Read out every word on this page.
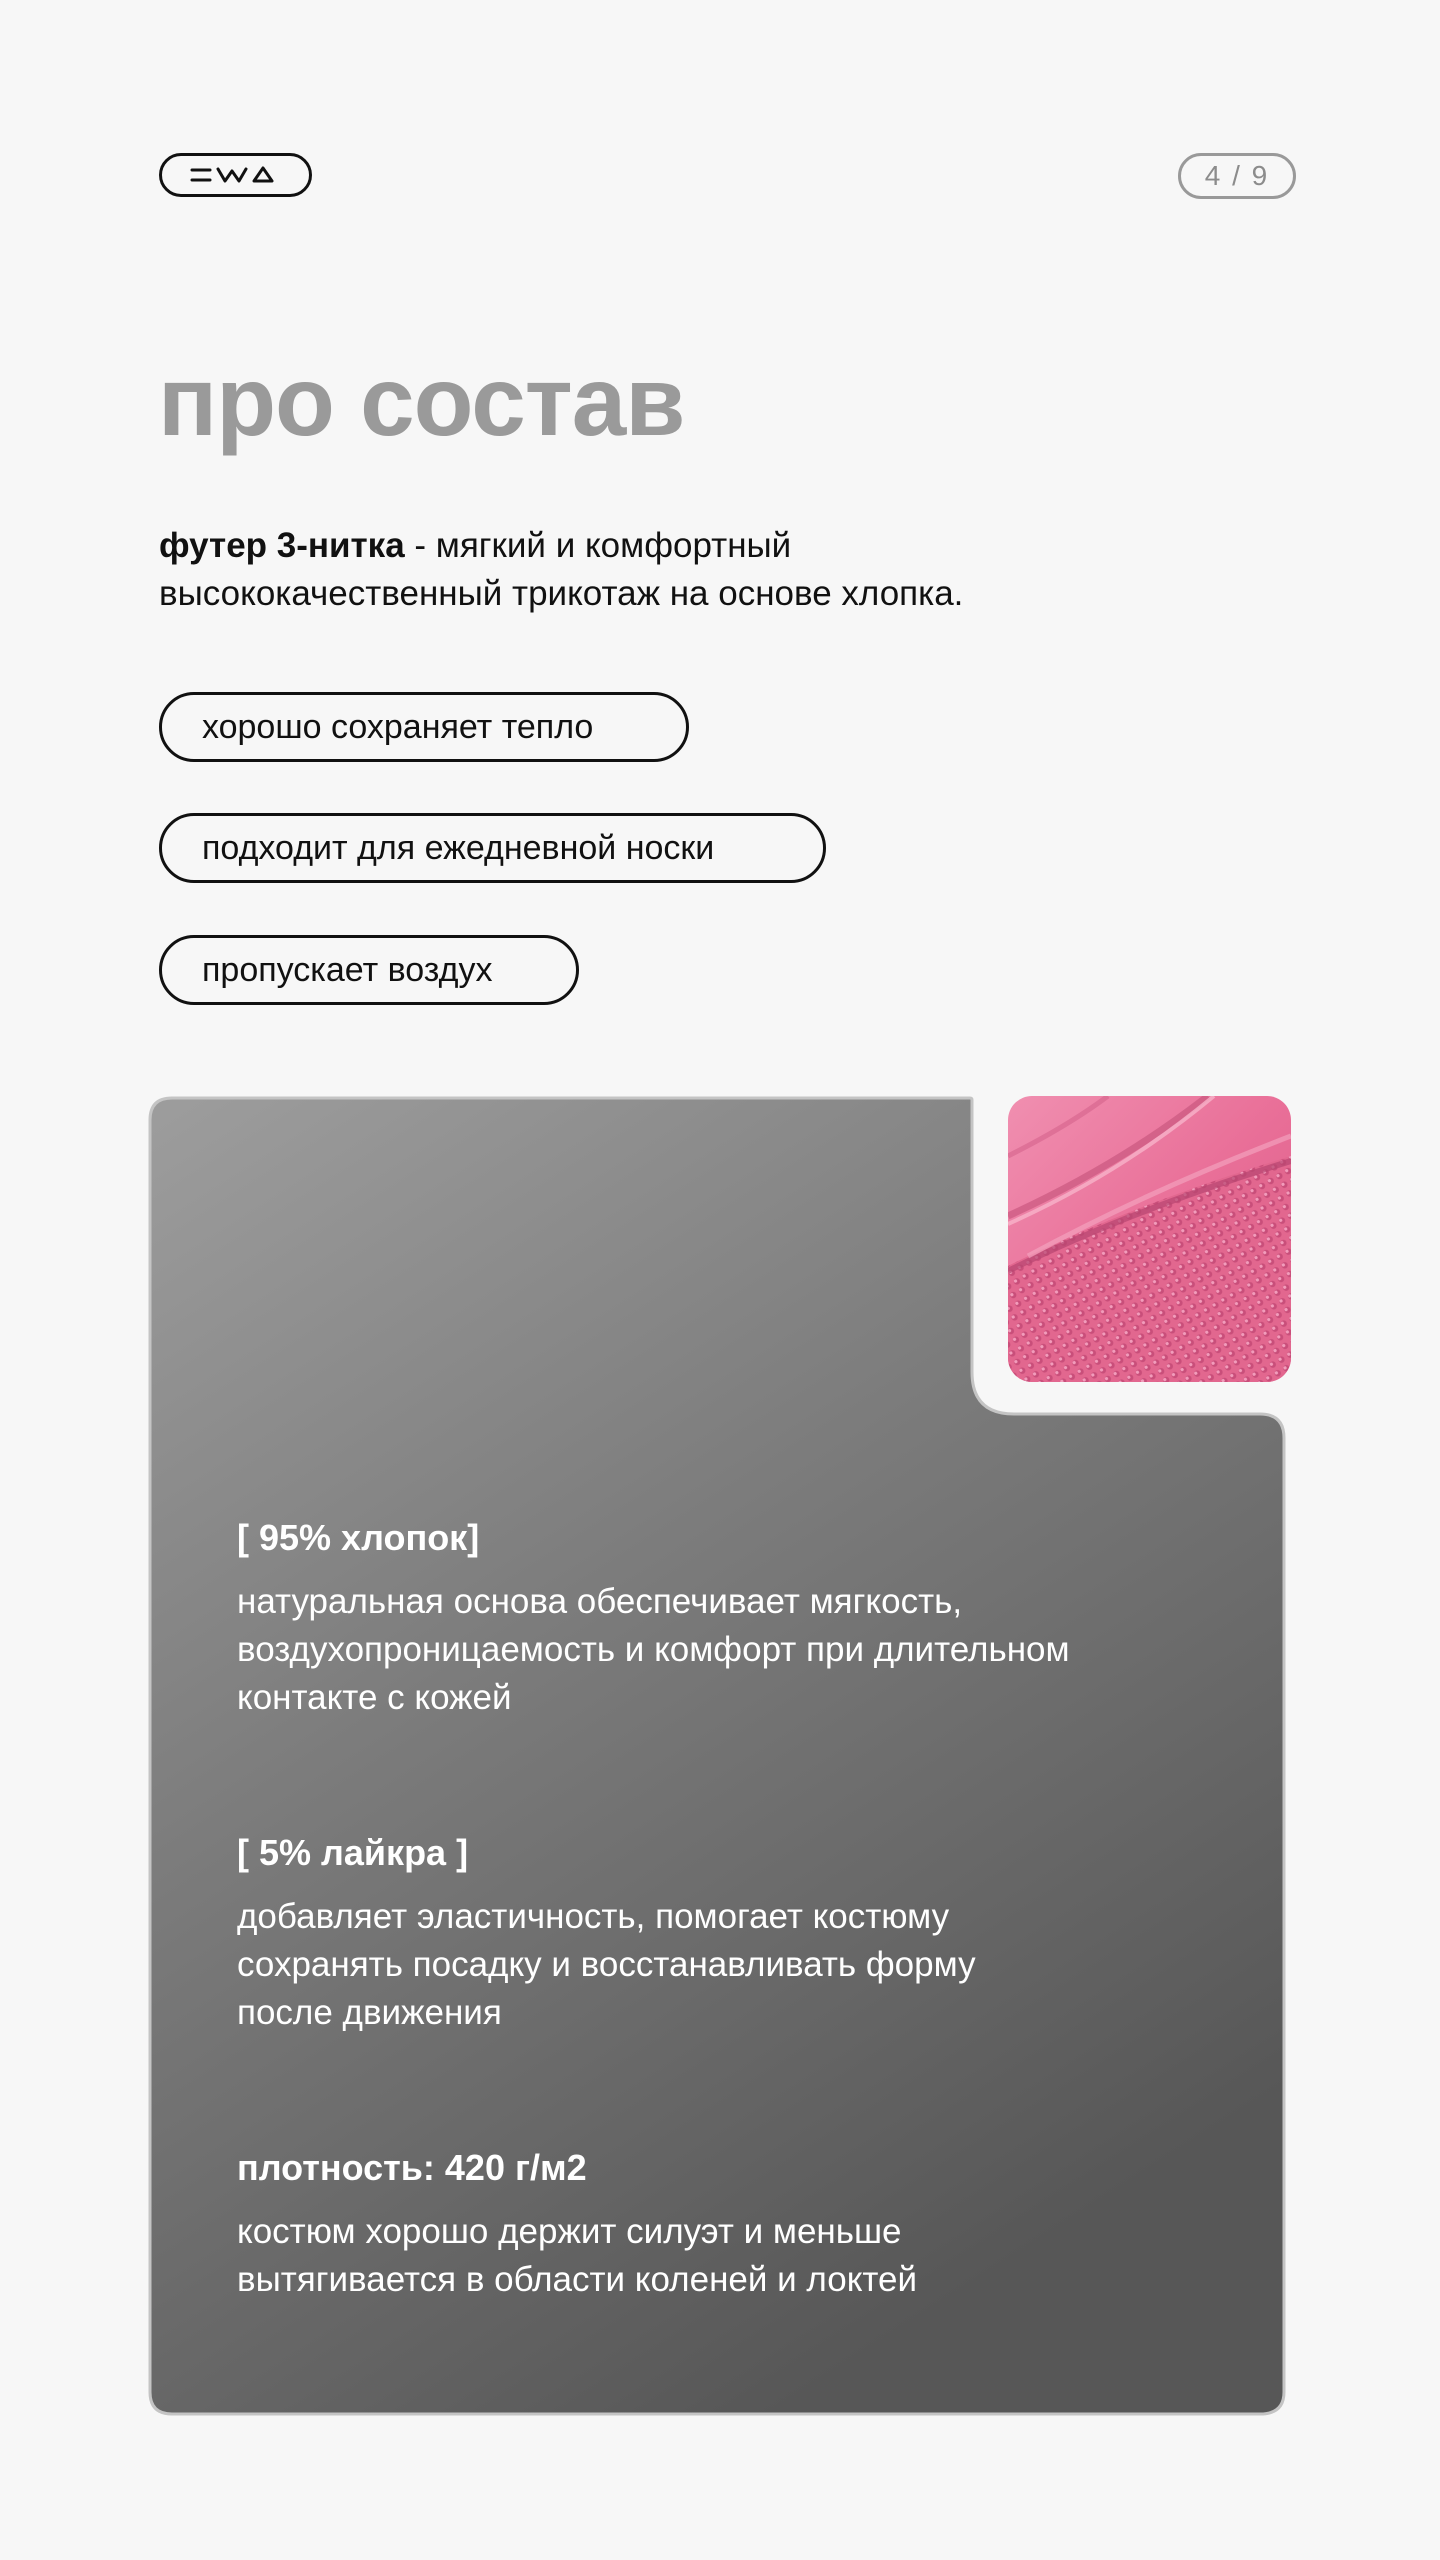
4 / 9
про состав

футер 3-нитка - мягкий и комфортный
высококачественный трикотаж на основе хлопка.

хорошо сохраняет тепло
подходит для ежедневной носки
пропускает воздух

[ 95% хлопок]

натуральная основа обеспечивает мягкость,
воздухопроницаемость и комфорт при длительном
контакте с кожей

[ 5% лайкра ]

добавляет эластичность, помогает костюму
сохранять посадку и восстанавливать форму
после движения

плотность: 420 г/м2

костюм хорошо держит силуэт и меньше
вытягивается в области коленей и локтей
